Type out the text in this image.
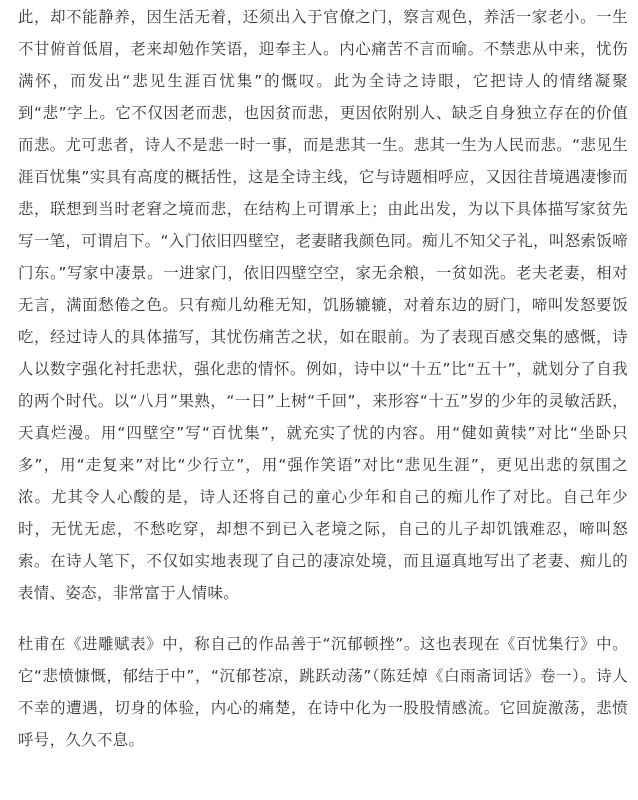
此，却不能静养，因生活无着，还须出入于官僚之门，察言观色，养活一家老小。一生不甘俯首低眉，老来却勉作笑语，迎奉主人。内心痛苦不言而喻。不禁悲从中来，忧伤满怀，而发出“悲见生涯百忧集”的慨叹。此为全诗之诗眼，它把诗人的情绪凝聚到“悲”字上。它不仅因老而悲，也因贫而悲，更因依附别人、缺乏自身独立存在的价值而悲。尤可悲者，诗人不是悲一时一事，而是悲其一生。悲其一生为人民而悲。“悲见生涯百忧集”实具有高度的概括性，这是全诗主线，它与诗题相呼应，又因往昔境遇凄惨而悲，联想到当时老窘之境而悲，在结构上可谓承上；由此出发，为以下具体描写家贫先写一笔，可谓启下。“入门依旧四壁空，老妻睹我颜色同。痴儿不知父子礼，叫怒索饭啼门东。”写家中凄景。一进家门，依旧四壁空空，家无余粮，一贫如洗。老夫老妻，相对无言，满面愁倦之色。只有痴儿幼稚无知，饥肠辘辘，对着东边的厨门，啼叫发怒要饭吃，经过诗人的具体描写，其忧伤痛苦之状，如在眼前。为了表现百感交集的感慨，诗人以数字强化衬托悲状，强化悲的情怀。例如，诗中以“十五”比“五十”，就划分了自我的两个时代。以“八月”果熟，“一日”上树“千回”，来形容“十五”岁的少年的灵敏活跃，天真烂漫。用“四壁空”写“百忧集”，就充实了忧的内容。用“健如黄犊”对比“坐卧只多”，用“走复来”对比“少行立”，用“强作笑语”对比“悲见生涯”，更见出悲的氛围之浓。尤其令人心酸的是，诗人还将自己的童心少年和自己的痴儿作了对比。自己年少时，无忧无虑，不愁吃穿，却想不到已入老境之际，自己的儿子却饥饿难忍，啼叫怒索。在诗人笔下，不仅如实地表现了自己的凄凉处境，而且逼真地写出了老妻、痴儿的表情、姿态，非常富于人情味。

杜甫在《进雕赋表》中，称自己的作品善于“沉郁顿挫”。这也表现在《百忧集行》中。它“悲愤慷慨，郁结于中”，“沉郁苍凉，跳跃动荡”（陈廷焯《白雨斋词话》卷一）。诗人不幸的遭遇，切身的体验，内心的痛楚，在诗中化为一股股情感流。它回旋激荡，悲愤呼号，久久不息。
